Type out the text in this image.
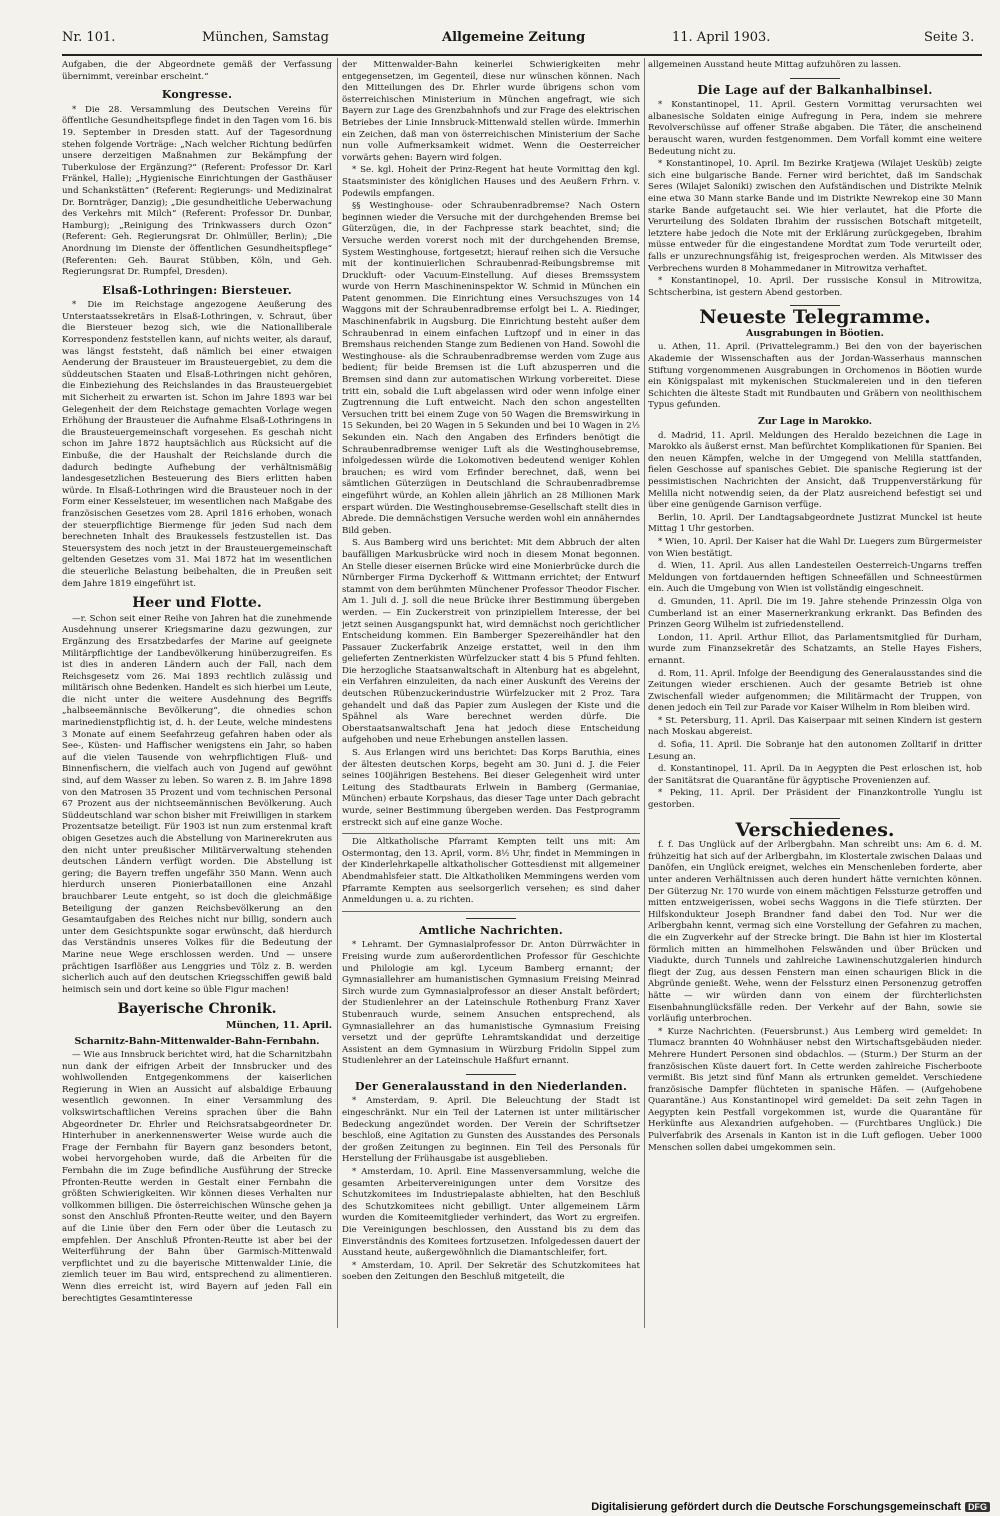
Nr. 101.	München, Samstag	Allgemeine Zeitung	11. April 1903.	Seite 3.

Aufgaben, die der Abgeordnete gemäß der Verfassung übernimmt, vereinbar erscheint.“

Kongresse.

* Die 28. Versammlung des Deutschen Vereins für öffentliche Gesundheitspflege findet in den Tagen vom 16. bis 19. September in Dresden statt. Auf der Tagesordnung stehen folgende Vorträge: „Nach welcher Richtung bedürfen unsere derzeitigen Maßnahmen zur Bekämpfung der Tuberkulose der Ergänzung?“ (Referent: Professor Dr. Karl Fränkel, Halle); „Hygienische Einrichtungen der Gasthäuser und Schankstätten“ (Referent: Regierungs- und Medizinalrat Dr. Bornträger, Danzig); „Die gesundheitliche Ueberwachung des Verkehrs mit Milch“ (Referent: Professor Dr. Dunbar, Hamburg); „Reinigung des Trinkwassers durch Ozon“ (Referent: Geh. Regierungsrat Dr. Ohlmüller, Berlin); „Die Anordnung im Dienste der öffentlichen Gesundheitspflege“ (Referenten: Geh. Baurat Stübben, Köln, und Geh. Regierungsrat Dr. Rumpfel, Dresden).

Elsaß-Lothringen: Biersteuer.

* Die im Reichstage angezogene Aeußerung des Unterstaatssekretärs in Elsaß-Lothringen, v. Schraut, über die Biersteuer bezog sich, wie die Nationalliberale Korrespondenz feststellen kann, auf nichts weiter, als darauf, was längst feststeht, daß nämlich bei einer etwaigen Aenderung der Brausteuer im Brausteuergebiet, zu dem die süddeutschen Staaten und Elsaß-Lothringen nicht gehören, die Einbeziehung des Reichslandes in das Brausteuergebiet mit Sicherheit zu erwarten ist. Schon im Jahre 1893 war bei Gelegenheit der dem Reichstage gemachten Vorlage wegen Erhöhung der Brausteuer die Aufnahme Elsaß-Lothringens in die Brausteuergemeinschaft vorgesehen. Es geschah nicht schon im Jahre 1872 hauptsächlich aus Rücksicht auf die Einbuße, die der Haushalt der Reichslande durch die dadurch bedingte Aufhebung der verhältnismäßig landesgesetzlichen Besteuerung des Biers erlitten haben würde. In Elsaß-Lothringen wird die Brausteuer noch in der Form einer Kesselsteuer, im wesentlichen nach Maßgabe des französischen Gesetzes vom 28. April 1816 erhoben, wonach der steuerpflichtige Biermenge für jeden Sud nach dem berechneten Inhalt des Braukessels festzustellen ist. Das Steuersystem des noch jetzt in der Brausteuergemeinschaft geltenden Gesetzes vom 31. Mai 1872 hat im wesentlichen die steuerliche Belastung beibehalten, die in Preußen seit dem Jahre 1819 eingeführt ist.

Heer und Flotte.

—r. Schon seit einer Reihe von Jahren hat die zunehmende Ausdehnung unserer Kriegsmarine dazu gezwungen, zur Ergänzung des Ersatzbedarfes der Marine auf geeignete Militärpflichtige der Landbevölkerung hinüberzugreifen. Es ist dies in anderen Ländern auch der Fall, nach dem Reichsgesetz vom 26. Mai 1893 rechtlich zulässig und militärisch ohne Bedenken. Handelt es sich hierbei um Leute, die nicht unter die weitere Ausdehnung des Begriffs „halbseemännische Bevölkerung“, die ohnedies schon marinedienstpflichtig ist, d. h. der Leute, welche mindestens 3 Monate auf einem Seefahrzeug gefahren haben oder als See-, Küsten- und Haffischer wenigstens ein Jahr, so haben auf die vielen Tausende von wehrpflichtigen Fluß- und Binnenfischern, die vielfach auch von Jugend auf gewöhnt sind, auf dem Wasser zu leben. So waren z. B. im Jahre 1898 von den Matrosen 35 Prozent und vom technischen Personal 67 Prozent aus der nichtseemännischen Bevölkerung. Auch Süddeutschland war schon bisher mit Freiwilligen in starkem Prozentsatze beteiligt. Für 1903 ist nun zum erstenmal kraft obigen Gesetzes auch die Abstellung von Marinerekruten aus den nicht unter preußischer Militärverwaltung stehenden deutschen Ländern verfügt worden. Die Abstellung ist gering; die Bayern treffen ungefähr 350 Mann. Wenn auch hierdurch unseren Pionierbataillonen eine Anzahl brauchbarer Leute entgeht, so ist doch die gleichmäßige Beteiligung der ganzen Reichsbevölkerung an den Gesamtaufgaben des Reiches nicht nur billig, sondern auch unter dem Gesichtspunkte sogar erwünscht, daß hierdurch das Verständnis unseres Volkes für die Bedeutung der Marine neue Wege erschlossen werden. Und — unsere prächtigen Isarflößer aus Lenggries und Tölz z. B. werden sicherlich auch auf den deutschen Kriegsschiffen gewiß bald heimisch sein und dort keine so üble Figur machen!

Bayerische Chronik.
München, 11. April.
Scharnitz-Bahn-Mittenwalder-Bahn-Fernbahn.

— Wie aus Innsbruck berichtet wird, hat die Scharnitzbahn nun dank der eifrigen Arbeit der Innsbrucker und des wohlwollenden Entgegenkommens der kaiserlichen Regierung in Wien an Aussicht auf alsbaldige Erbauung wesentlich gewonnen. In einer Versammlung des volkswirtschaftlichen Vereins sprachen über die Bahn Abgeordneter Dr. Ehrler und Reichsratsabgeordneter Dr. Hinterhuber in anerkennenswerter Weise wurde auch die Frage der Fernbahn für Bayern ganz besonders betont, wobei hervorgehoben wurde, daß die Arbeiten für die Fernbahn die im Zuge befindliche Ausführung der Strecke Pfronten-Reutte werden in Gestalt einer Fernbahn die größten Schwierigkeiten. Wir können dieses Verhalten nur vollkommen billigen. Die österreichischen Wünsche gehen ja sonst den Anschluß Pfronten-Reutte weiter, und den Bayern auf die Linie über den Fern oder über die Leutasch zu empfehlen. Der Anschluß Pfronten-Reutte ist aber bei der Weiterführung der Bahn über Garmisch-Mittenwald verpflichtet und zu die bayerische Mittenwalder Linie, die ziemlich teuer im Bau wird, entsprechend zu alimentieren. Wenn dies erreicht ist, wird Bayern auf jeden Fall ein berechtigtes Gesamtinteresse

der Mittenwalder-Bahn keinerlei Schwierigkeiten mehr entgegensetzen, im Gegenteil, diese nur wünschen können. Nach den Mitteilungen des Dr. Ehrler wurde übrigens schon vom österreichischen Ministerium in München angefragt, wie sich Bayern zur Lage des Grenzbahnhofs und zur Frage des elektrischen Betriebes der Linie Innsbruck-Mittenwald stellen würde. Immerhin ein Zeichen, daß man von österreichischen Ministerium der Sache nun volle Aufmerksamkeit widmet. Wenn die Oesterreicher vorwärts gehen: Bayern wird folgen.

* Se. kgl. Hoheit der Prinz-Regent hat heute Vormittag den kgl. Staatsminister des königlichen Hauses und des Aeußern Frhrn. v. Podewils empfangen.

§§ Westinghouse- oder Schraubenradbremse? Nach Ostern beginnen wieder die Versuche mit der durchgehenden Bremse bei Güterzügen, die, in der Fachpresse stark beachtet, sind; die Versuche werden vorerst noch mit der durchgehenden Bremse, System Westinghouse, fortgesetzt; hierauf reihen sich die Versuche mit der kontinuierlichen Schraubenrad-Reibungsbremse mit Druckluft- oder Vacuum-Einstellung. Auf dieses Bremssystem wurde von Herrn Maschineninspektor W. Schmid in München ein Patent genommen. Die Einrichtung eines Versuchszuges von 14 Waggons mit der Schraubenradbremse erfolgt bei L. A. Riedinger, Maschinenfabrik in Augsburg. Die Einrichtung besteht außer dem Schraubenrad in einem einfachen Luftzopf und in einer in das Bremshaus reichenden Stange zum Bedienen von Hand. Sowohl die Westinghouse- als die Schraubenradbremse werden vom Zuge aus bedient; für beide Bremsen ist die Luft abzusperren und die Bremsen sind dann zur automatischen Wirkung vorbereitet. Diese tritt ein, sobald die Luft abgelassen wird oder wenn infolge einer Zugtrennung die Luft entweicht. Nach den schon angestellten Versuchen tritt bei einem Zuge von 50 Wagen die Bremswirkung in 15 Sekunden, bei 20 Wagen in 5 Sekunden und bei 10 Wagen in 2½ Sekunden ein. Nach den Angaben des Erfinders benötigt die Schraubenradbremse weniger Luft als die Westinghousebremse, infolgedessen würde die Lokomotiven bedeutend weniger Kohlen brauchen; es wird vom Erfinder berechnet, daß, wenn bei sämtlichen Güterzügen in Deutschland die Schraubenradbremse eingeführt würde, an Kohlen allein jährlich an 28 Millionen Mark erspart würden. Die Westinghousebremse-Gesellschaft stellt dies in Abrede. Die demnächstigen Versuche werden wohl ein annäherndes Bild geben.

S. Aus Bamberg wird uns berichtet: Mit dem Abbruch der alten baufälligen Markusbrücke wird noch in diesem Monat begonnen. An Stelle dieser eisernen Brücke wird eine Monierbrücke durch die Nürnberger Firma Dyckerhoff & Wittmann errichtet; der Entwurf stammt von dem berühmten Münchener Professor Theodor Fischer. Am 1. Juli d. J. soll die neue Brücke ihrer Bestimmung übergeben werden. — Ein Zuckerstreit von prinzipiellem Interesse, der bei jetzt seinen Ausgangspunkt hat, wird demnächst noch gerichtlicher Entscheidung kommen. Ein Bamberger Spezereihändler hat den Passauer Zuckerfabrik Anzeige erstattet, weil in den ihm gelieferten Zentnerkisten Würfelzucker statt 4 bis 5 Pfund fehlten. Die herzogliche Staatsanwaltschaft in Altenburg hat es abgelehnt, ein Verfahren einzuleiten, da nach einer Auskunft des Vereins der deutschen Rübenzuckerindustrie Würfelzucker mit 2 Proz. Tara gehandelt und daß das Papier zum Auslegen der Kiste und die Spähnel als Ware berechnet werden dürfe. Die Oberstaatsanwaltschaft Jena hat jedoch diese Entscheidung aufgehoben und neue Erhebungen anstellen lassen.

S. Aus Erlangen wird uns berichtet: Das Korps Baruthia, eines der ältesten deutschen Korps, begeht am 30. Juni d. J. die Feier seines 100jährigen Bestehens. Bei dieser Gelegenheit wird unter Leitung des Stadtbaurats Erlwein in Bamberg (Germaniae, München) erbaute Korpshaus, das dieser Tage unter Dach gebracht wurde, seiner Bestimmung übergeben werden. Das Festprogramm erstreckt sich auf eine ganze Woche.

Die Altkatholische Pfarramt Kempten teilt uns mit: Am Ostermontag, den 13. April, vorm. 8½ Uhr, findet in Memmingen in der Kinderlehrkapelle altkatholischer Gottesdienst mit allgemeiner Abendmahlsfeier statt. Die Altkatholiken Memmingens werden vom Pfarramte Kempten aus seelsorgerlich versehen; es sind daher Anmeldungen u. a. zu richten.

Amtliche Nachrichten.

* Lehramt. Der Gymnasialprofessor Dr. Anton Dürrwächter in Freising wurde zum außerordentlichen Professor für Geschichte und Philologie am kgl. Lyceum Bamberg ernannt; der Gymnasiallehrer am humanistischen Gymnasium Freising Meinrad Sirch wurde zum Gymnasialprofessor an dieser Anstalt befördert; der Studienlehrer an der Lateinschule Rothenburg Franz Xaver Stubenrauch wurde, seinem Ansuchen entsprechend, als Gymnasiallehrer an das humanistische Gymnasium Freising versetzt und der geprüfte Lehramtskandidat und derzeitige Assistent an dem Gymnasium in Würzburg Fridolin Sippel zum Studienlehrer an der Lateinschule Haßfurt ernannt.

Der Generalausstand in den Niederlanden.

* Amsterdam, 9. April. Die Beleuchtung der Stadt ist eingeschränkt. Nur ein Teil der Laternen ist unter militärischer Bedeckung angezündet worden. Der Verein der Schriftsetzer beschloß, eine Agitation zu Gunsten des Ausstandes des Personals der großen Zeitungen zu beginnen. Ein Teil des Personals für Herstellung der Frühausgabe ist ausgeblieben.

* Amsterdam, 10. April. Eine Massenversammlung, welche die gesamten Arbeitervereinigungen unter dem Vorsitze des Schutzkomitees im Industriepalaste abhielten, hat den Beschluß des Schutzkomitees nicht gebilligt. Unter allgemeinem Lärm wurden die Komiteemitglieder verhindert, das Wort zu ergreifen. Die Vereinigungen beschlossen, den Ausstand bis zu dem das Einverständnis des Komitees fortzusetzen. Infolgedessen dauert der Ausstand heute, außergewöhnlich die Diamantschleifer, fort.

* Amsterdam, 10. April. Der Sekretär des Schutzkomitees hat soeben den Zeitungen den Beschluß mitgeteilt, die

allgemeinen Ausstand heute Mittag aufzuhören zu lassen.

Die Lage auf der Balkanhalbinsel.

* Konstantinopel, 11. April. Gestern Vormittag verursachten wei albanesische Soldaten einige Aufregung in Pera, indem sie mehrere Revolverschüsse auf offener Straße abgaben. Die Täter, die anscheinend berauscht waren, wurden festgenommen. Dem Vorfall kommt eine weitere Bedeutung nicht zu.

* Konstantinopel, 10. April. Im Bezirke Kratjewa (Wilajet Uesküb) zeigte sich eine bulgarische Bande. Ferner wird berichtet, daß im Sandschak Seres (Wilajet Saloniki) zwischen den Aufständischen und Distrikte Melnik eine etwa 30 Mann starke Bande und im Distrikte Newrekop eine 30 Mann starke Bande aufgetaucht sei. Wie hier verlautet, hat die Pforte die Verurteilung des Soldaten Ibrahim der russischen Botschaft mitgeteilt, letztere habe jedoch die Note mit der Erklärung zurückgegeben, Ibrahim müsse entweder für die eingestandene Mordtat zum Tode verurteilt oder, falls er unzurechnungsfähig ist, freigesprochen werden. Als Mitwisser des Verbrechens wurden 8 Mohammedaner in Mitrowitza verhaftet.

* Konstantinopel, 10. April. Der russische Konsul in Mitrowitza, Schtscherbina, ist gestern Abend gestorben.

Neueste Telegramme.
Ausgrabungen in Böotien.

u. Athen, 11. April. (Privattelegramm.) Bei den von der bayerischen Akademie der Wissenschaften aus der Jordan-Wasserhaus mannschen Stiftung vorgenommenen Ausgrabungen in Orchomenos in Böotien wurde ein Königspalast mit mykenischen Stuckmalereien und in den tieferen Schichten die älteste Stadt mit Rundbauten und Gräbern von neolithischem Typus gefunden.

Zur Lage in Marokko.

d. Madrid, 11. April. Meldungen des Heraldo bezeichnen die Lage in Marokko als äußerst ernst. Man befürchtet Komplikationen für Spanien. Bei den neuen Kämpfen, welche in der Umgegend von Melilla stattfanden, fielen Geschosse auf spanisches Gebiet. Die spanische Regierung ist der pessimistischen Nachrichten der Ansicht, daß Truppenverstärkung für Melilla nicht notwendig seien, da der Platz ausreichend befestigt sei und über eine genügende Garnison verfüge.

Berlin, 10. April. Der Landtagsabgeordnete Justizrat Munckel ist heute Mittag 1 Uhr gestorben.

* Wien, 10. April. Der Kaiser hat die Wahl Dr. Luegers zum Bürgermeister von Wien bestätigt.

d. Wien, 11. April. Aus allen Landesteilen Oesterreich-Ungarns treffen Meldungen von fortdauernden heftigen Schneefällen und Schneestürmen ein. Auch die Umgebung von Wien ist vollständig eingeschneit.

d. Gmunden, 11. April. Die im 19. Jahre stehende Prinzessin Olga von Cumberland ist an einer Masernerkrankung erkrankt. Das Befinden des Prinzen Georg Wilhelm ist zufriedenstellend.

London, 11. April. Arthur Elliot, das Parlamentsmitglied für Durham, wurde zum Finanzsekretär des Schatzamts, an Stelle Hayes Fishers, ernannt.

d. Rom, 11. April. Infolge der Beendigung des Generalausstandes sind die Zeitungen wieder erschienen. Auch der gesamte Betrieb ist ohne Zwischenfall wieder aufgenommen; die Militärmacht der Truppen, von denen jedoch ein Teil zur Parade vor Kaiser Wilhelm in Rom bleiben wird.

* St. Petersburg, 11. April. Das Kaiserpaar mit seinen Kindern ist gestern nach Moskau abgereist.

d. Sofia, 11. April. Die Sobranje hat den autonomen Zolltarif in dritter Lesung an.

d. Konstantinopel, 11. April. Da in Aegypten die Pest erloschen ist, hob der Sanitätsrat die Quarantäne für ägyptische Provenienzen auf.

* Peking, 11. April. Der Präsident der Finanzkontrolle Yunglu ist gestorben.

Verschiedenes.

f. f. Das Unglück auf der Arlbergbahn. Man schreibt uns: Am 6. d. M. frühzeitig hat sich auf der Arlbergbahn, im Klostertale zwischen Dalaas und Danöfen, ein Unglück ereignet, welches ein Menschenleben forderte, aber unter anderen Verhältnissen auch deren hundert hätte vernichten können. Der Güterzug Nr. 170 wurde von einem mächtigen Felssturze getroffen und mitten entzweigerissen, wobei sechs Waggons in die Tiefe stürzten. Der Hilfskondukteur Joseph Brandner fand dabei den Tod. Nur wer die Arlbergbahn kennt, vermag sich eine Vorstellung der Gefahren zu machen, die ein Zugverkehr auf der Strecke bringt. Die Bahn ist hier im Klostertal förmlich mitten an himmelhohen Felswänden und über Brücken und Viadukte, durch Tunnels und zahlreiche Lawinenschutzgalerien hindurch fliegt der Zug, aus dessen Fenstern man einen schaurigen Blick in die Abgründe genießt. Wehe, wenn der Felssturz einen Personenzug getroffen hätte — wir würden dann von einem der fürchterlichsten Eisenbahnunglücksfälle reden. Der Verkehr auf der Bahn, sowie sie vorläufig unterbrochen.

* Kurze Nachrichten. (Feuersbrunst.) Aus Lemberg wird gemeldet: In Tlumacz brannten 40 Wohnhäuser nebst den Wirtschaftsgebäuden nieder. Mehrere Hundert Personen sind obdachlos. — (Sturm.) Der Sturm an der französischen Küste dauert fort. In Cette werden zahlreiche Fischerboote vermißt. Bis jetzt sind fünf Mann als ertrunken gemeldet. Verschiedene französische Dampfer flüchteten in spanische Häfen. — (Aufgehobene Quarantäne.) Aus Konstantinopel wird gemeldet: Da seit zehn Tagen in Aegypten kein Pestfall vorgekommen ist, wurde die Quarantäne für Herkünfte aus Alexandrien aufgehoben. — (Furchtbares Unglück.) Die Pulverfabrik des Arsenals in Kanton ist in die Luft geflogen. Ueber 1000 Menschen sollen dabei umgekommen sein.

Digitalisierung gefördert durch die Deutsche Forschungsgemeinschaft DFG
